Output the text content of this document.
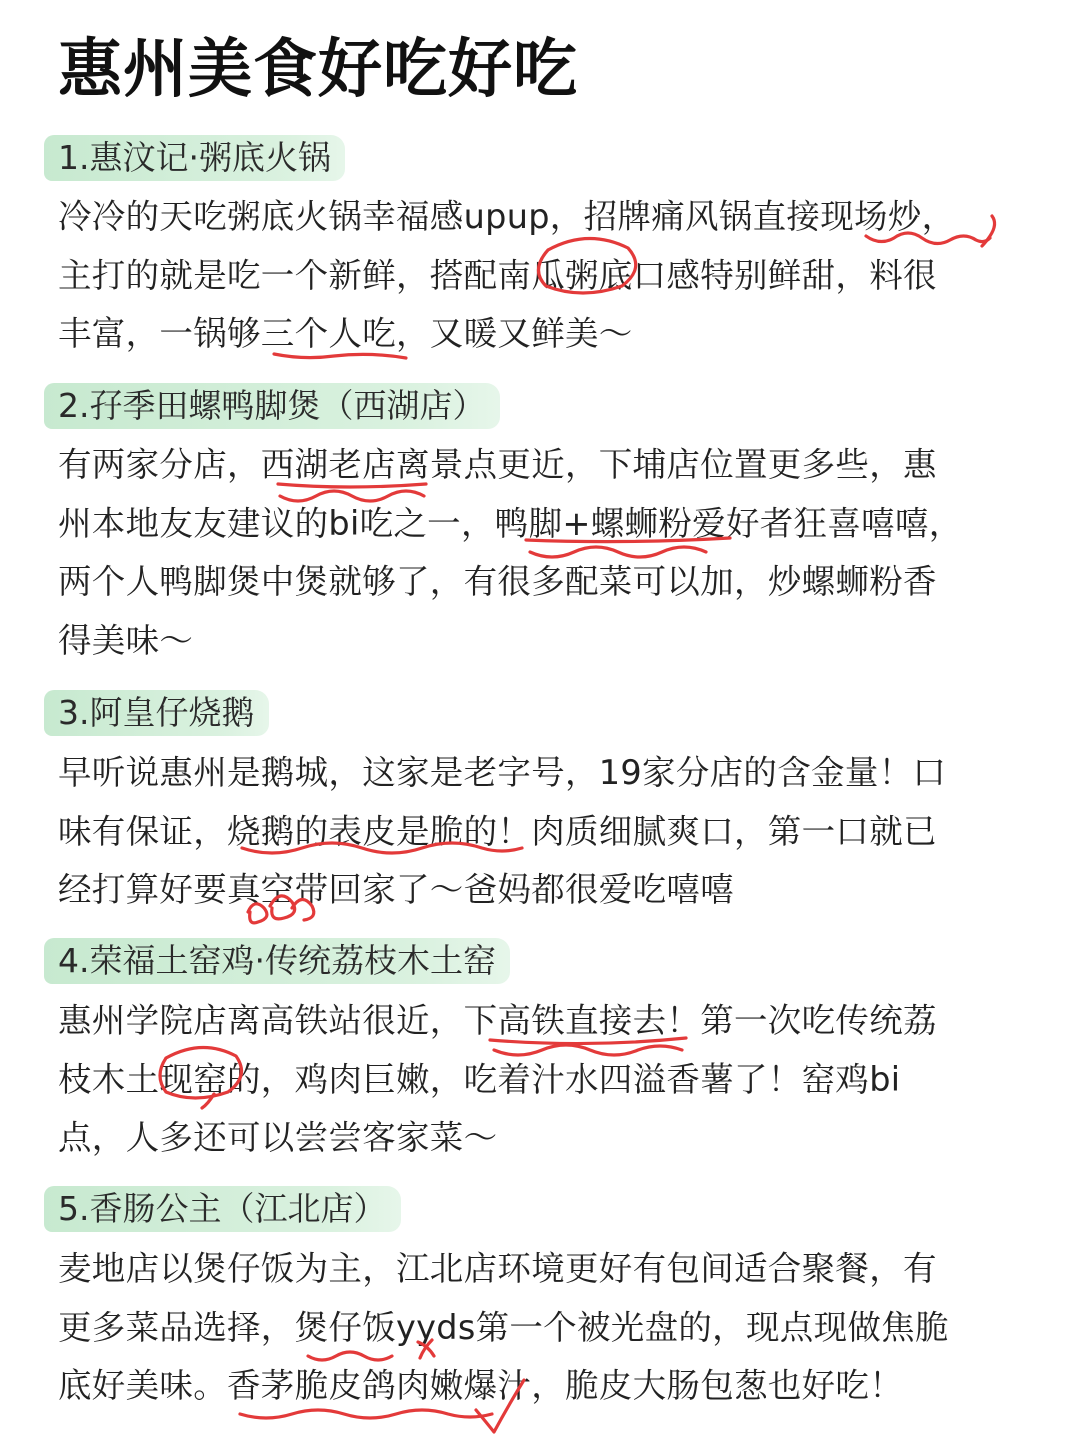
惠州美食好吃好吃
1.惠汶记·粥底火锅
冷冷的天吃粥底火锅幸福感upup，招牌痛风锅直接现场炒，
主打的就是吃一个新鲜，搭配南瓜粥底口感特别鲜甜，料很
丰富，一锅够三个人吃，又暖又鲜美～
2.孖季田螺鸭脚煲（西湖店）
有两家分店，西湖老店离景点更近，下埔店位置更多些，惠
州本地友友建议的bi吃之一，鸭脚+螺蛳粉爱好者狂喜嘻嘻，
两个人鸭脚煲中煲就够了，有很多配菜可以加，炒螺蛳粉香
得美味～
3.阿皇仔烧鹅
早听说惠州是鹅城，这家是老字号，19家分店的含金量！口
味有保证，烧鹅的表皮是脆的！肉质细腻爽口，第一口就已
经打算好要真空带回家了～爸妈都很爱吃嘻嘻
4.荣福土窑鸡·传统荔枝木土窑
惠州学院店离高铁站很近，下高铁直接去！第一次吃传统荔
枝木土现窑的，鸡肉巨嫩，吃着汁水四溢香薯了！窑鸡bi
点，人多还可以尝尝客家菜～
5.香肠公主（江北店）
麦地店以煲仔饭为主，江北店环境更好有包间适合聚餐，有
更多菜品选择，煲仔饭yyds第一个被光盘的，现点现做焦脆
底好美味。香茅脆皮鸽肉嫩爆汁，脆皮大肠包葱也好吃！
